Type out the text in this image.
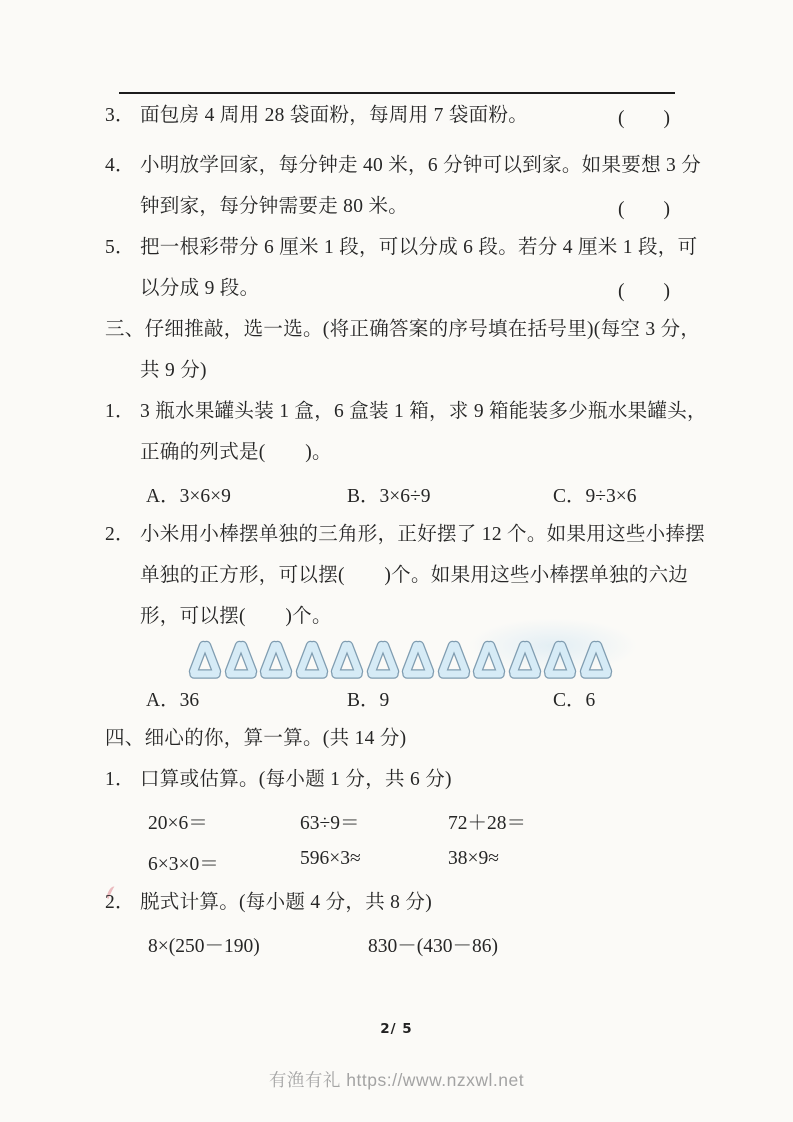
3． 面包房 4 周用 28 袋面粉，每周用 7 袋面粉。	(　　)
4． 小明放学回家，每分钟走 40 米，6 分钟可以到家。如果要想 3 分
钟到家，每分钟需要走 80 米。	(　　)
5． 把一根彩带分 6 厘米 1 段，可以分成 6 段。若分 4 厘米 1 段，可
以分成 9 段。	(　　)
三、仔细推敲，选一选。(将正确答案的序号填在括号里)(每空 3 分，
共 9 分)
1． 3 瓶水果罐头装 1 盒，6 盒装 1 箱，求 9 箱能装多少瓶水果罐头，
正确的列式是(　　)。
A．3×6×9	B．3×6÷9	C．9÷3×6
2． 小米用小棒摆单独的三角形，正好摆了 12 个。如果用这些小捧摆
单独的正方形，可以摆(　　)个。如果用这些小棒摆单独的六边
形，可以摆(　　)个。
A．36	B．9	C．6
四、细心的你，算一算。(共 14 分)
1． 口算或估算。(每小题 1 分，共 6 分)
20×6＝	63÷9＝	72＋28＝
6×3×0＝	596×3≈	38×9≈
2． 脱式计算。(每小题 4 分，共 8 分)
8×(250－190)	830－(430－86)
2/ 5
有渔有礼 https://www.nzxwl.net
